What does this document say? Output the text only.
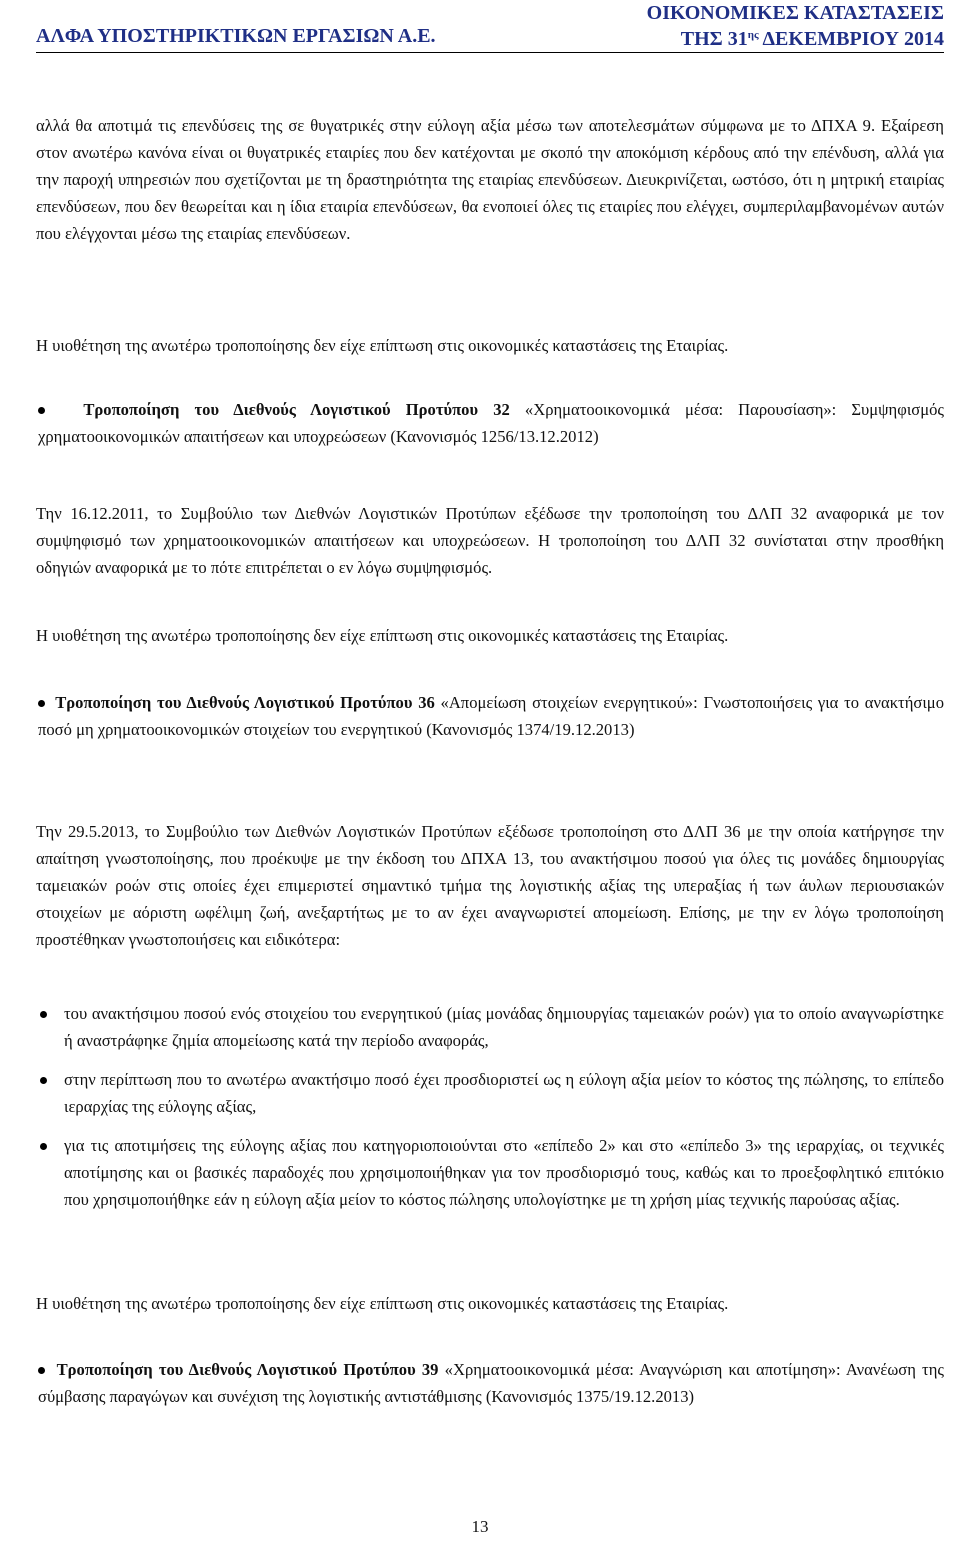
ΑΛΦΑ ΥΠΟΣΤΗΡΙΚΤΙΚΩΝ ΕΡΓΑΣΙΩΝ Α.Ε.
ΟΙΚΟΝΟΜΙΚΕΣ ΚΑΤΑΣΤΑΣΕΙΣ
ΤΗΣ $31^{\eta\varsigma}$ ΔΕΚΕΜΒΡΙΟΥ 2014
αλλά θα αποτιμά τις επενδύσεις της σε θυγατρικές στην εύλογη αξία μέσω των αποτελεσμάτων σύμφωνα με το ΔΠΧΑ 9. Εξαίρεση στον ανωτέρω κανόνα είναι οι θυγατρικές εταιρίες που δεν κατέχονται με σκοπό την αποκόμιση κέρδους από την επένδυση, αλλά για την παροχή υπηρεσιών που σχετίζονται με τη δραστηριότητα της εταιρίας επενδύσεων. Διευκρινίζεται, ωστόσο, ότι η μητρική εταιρίας επενδύσεων, που δεν θεωρείται και η ίδια εταιρία επενδύσεων, θα ενοποιεί όλες τις εταιρίες που ελέγχει, συμπεριλαμβανομένων αυτών που ελέγχονται μέσω της εταιρίας επενδύσεων.
Η υιοθέτηση της ανωτέρω τροποποίησης δεν είχε επίπτωση στις οικονομικές καταστάσεις της Εταιρίας.
Τροποποίηση του Διεθνούς Λογιστικού Προτύπου 32 «Χρηματοοικονομικά μέσα: Παρουσίαση»: Συμψηφισμός χρηματοοικονομικών απαιτήσεων και υποχρεώσεων (Κανονισμός 1256/13.12.2012)
Την 16.12.2011, το Συμβούλιο των Διεθνών Λογιστικών Προτύπων εξέδωσε την τροποποίηση του ΔΛΠ 32 αναφορικά με τον συμψηφισμό των χρηματοοικονομικών απαιτήσεων και υποχρεώσεων. Η τροποποίηση του ΔΛΠ 32 συνίσταται στην προσθήκη οδηγιών αναφορικά με το πότε επιτρέπεται ο εν λόγω συμψηφισμός.
Η υιοθέτηση της ανωτέρω τροποποίησης δεν είχε επίπτωση στις οικονομικές καταστάσεις της Εταιρίας.
Τροποποίηση του Διεθνούς Λογιστικού Προτύπου 36 «Απομείωση στοιχείων ενεργητικού»: Γνωστοποιήσεις για το ανακτήσιμο ποσό μη χρηματοοικονομικών στοιχείων του ενεργητικού (Κανονισμός 1374/19.12.2013)
Την 29.5.2013, το Συμβούλιο των Διεθνών Λογιστικών Προτύπων εξέδωσε τροποποίηση στο ΔΛΠ 36 με την οποία κατήργησε την απαίτηση γνωστοποίησης, που προέκυψε με την έκδοση του ΔΠΧΑ 13, του ανακτήσιμου ποσού για όλες τις μονάδες δημιουργίας ταμειακών ροών στις οποίες έχει επιμεριστεί σημαντικό τμήμα της λογιστικής αξίας της υπεραξίας ή των άυλων περιουσιακών στοιχείων με αόριστη ωφέλιμη ζωή, ανεξαρτήτως με το αν έχει αναγνωριστεί απομείωση. Επίσης, με την εν λόγω τροποποίηση προστέθηκαν γνωστοποιήσεις και ειδικότερα:
του ανακτήσιμου ποσού ενός στοιχείου του ενεργητικού (μίας μονάδας δημιουργίας ταμειακών ροών) για το οποίο αναγνωρίστηκε ή αναστράφηκε ζημία απομείωσης κατά την περίοδο αναφοράς,
στην περίπτωση που το ανωτέρω ανακτήσιμο ποσό έχει προσδιοριστεί ως η εύλογη αξία μείον το κόστος της πώλησης, το επίπεδο ιεραρχίας της εύλογης αξίας,
για τις αποτιμήσεις της εύλογης αξίας που κατηγοριοποιούνται στο «επίπεδο 2» και στο «επίπεδο 3» της ιεραρχίας, οι τεχνικές αποτίμησης και οι βασικές παραδοχές που χρησιμοποιήθηκαν για τον προσδιορισμό τους, καθώς και το προεξοφλητικό επιτόκιο που χρησιμοποιήθηκε εάν η εύλογη αξία μείον το κόστος πώλησης υπολογίστηκε με τη χρήση μίας τεχνικής παρούσας αξίας.
Η υιοθέτηση της ανωτέρω τροποποίησης δεν είχε επίπτωση στις οικονομικές καταστάσεις της Εταιρίας.
Τροποποίηση του Διεθνούς Λογιστικού Προτύπου 39 «Χρηματοοικονομικά μέσα: Αναγνώριση και αποτίμηση»: Ανανέωση της σύμβασης παραγώγων και συνέχιση της λογιστικής αντιστάθμισης (Κανονισμός 1375/19.12.2013)
13
